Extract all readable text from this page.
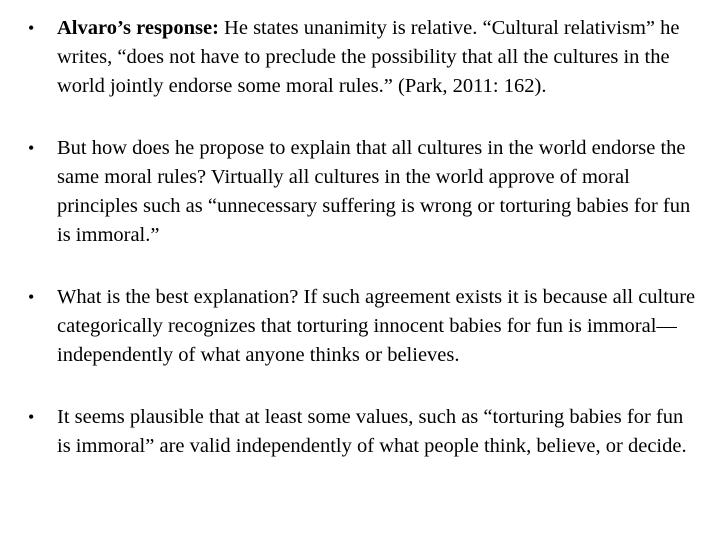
• Alvaro’s response: He states unanimity is relative. “Cultural relativism” he writes, “does not have to preclude the possibility that all the cultures in the world jointly endorse some moral rules.” (Park, 2011: 162).
• But how does he propose to explain that all cultures in the world endorse the same moral rules? Virtually all cultures in the world approve of moral principles such as “unnecessary suffering is wrong or torturing babies for fun is immoral.”
• What is the best explanation? If such agreement exists it is because all culture categorically recognizes that torturing innocent babies for fun is immoral—independently of what anyone thinks or believes.
• It seems plausible that at least some values, such as “torturing babies for fun is immoral” are valid independently of what people think, believe, or decide.
